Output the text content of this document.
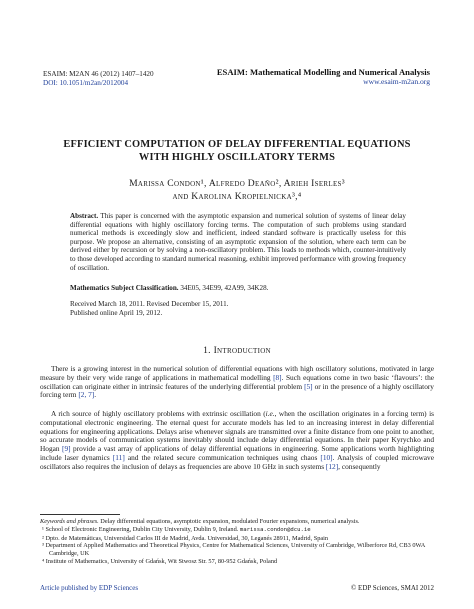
ESAIM: M2AN 46 (2012) 1407–1420
DOI: 10.1051/m2an/2012004
ESAIM: Mathematical Modelling and Numerical Analysis
www.esaim-m2an.org
EFFICIENT COMPUTATION OF DELAY DIFFERENTIAL EQUATIONS
WITH HIGHLY OSCILLATORY TERMS
Marissa Condon¹, Alfredo Deaño², Arieh Iserles³
and Karolina Kropielnicka³,⁴
Abstract. This paper is concerned with the asymptotic expansion and numerical solution of systems of linear delay differential equations with highly oscillatory forcing terms. The computation of such problems using standard numerical methods is exceedingly slow and inefficient, indeed standard software is practically useless for this purpose. We propose an alternative, consisting of an asymptotic expansion of the solution, where each term can be derived either by recursion or by solving a non-oscillatory problem. This leads to methods which, counter-intuitively to those developed according to standard numerical reasoning, exhibit improved performance with growing frequency of oscillation.
Mathematics Subject Classification. 34E05, 34E99, 42A99, 34K28.
Received March 18, 2011. Revised December 15, 2011.
Published online April 19, 2012.
1. Introduction
There is a growing interest in the numerical solution of differential equations with high oscillatory solutions, motivated in large measure by their very wide range of applications in mathematical modelling [8]. Such equations come in two basic ‘flavours’: the oscillation can originate either in intrinsic features of the underlying differential problem [5] or in the presence of a highly oscillatory forcing term [2, 7].
A rich source of highly oscillatory problems with extrinsic oscillation (i.e., when the oscillation originates in a forcing term) is computational electronic engineering. The eternal quest for accurate models has led to an increasing interest in delay differential equations for engineering applications. Delays arise whenever signals are transmitted over a finite distance from one point to another, so accurate models of communication systems inevitably should include delay differential equations. In their paper Kyrychko and Hogan [9] provide a vast array of applications of delay differential equations in engineering. Some applications worth highlighting include laser dynamics [11] and the related secure communication techniques using chaos [10]. Analysis of coupled microwave oscillators also requires the inclusion of delays as frequencies are above 10 GHz in such systems [12], consequently
Keywords and phrases. Delay differential equations, asymptotic expansion, modulated Fourier expansions, numerical analysis.
¹ School of Electronic Engineering, Dublin City University, Dublin 9, Ireland. marissa.condon@dcu.ie
² Dpto. de Matemáticas, Universidad Carlos III de Madrid, Avda. Universidad, 30, Leganés 28911, Madrid, Spain
³ Department of Applied Mathematics and Theoretical Physics, Centre for Mathematical Sciences, University of Cambridge, Wilberforce Rd, CB3 0WA Cambridge, UK
⁴ Institute of Mathematics, University of Gdańsk, Wit Stwosz Str. 57, 80-952 Gdańsk, Poland
Article published by EDP Sciences	© EDP Sciences, SMAI 2012
